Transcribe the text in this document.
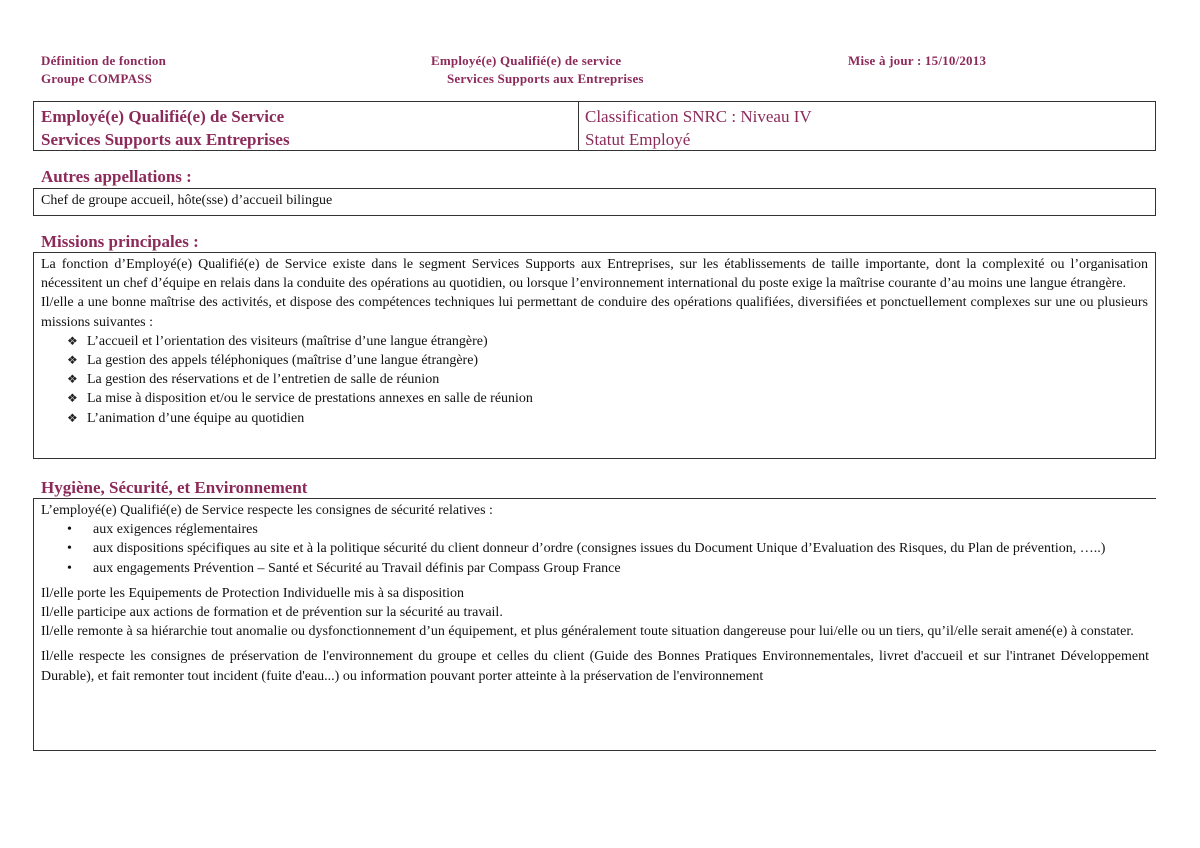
Définition de fonction
Groupe COMPASS
Employé(e) Qualifié(e) de service
Services Supports aux Entreprises
Mise à jour : 15/10/2013
Employé(e) Qualifié(e) de Service
Services Supports aux Entreprises
Classification SNRC : Niveau IV
Statut Employé
Autres appellations :
Chef de groupe accueil, hôte(sse) d’accueil bilingue
Missions principales :
La fonction d’Employé(e) Qualifié(e) de Service existe dans le segment Services Supports aux Entreprises, sur les établissements de taille importante, dont la complexité ou l’organisation nécessitent un chef d’équipe en relais dans la conduite des opérations au quotidien, ou lorsque l’environnement international du poste exige la maîtrise courante d’au moins une langue étrangère.
Il/elle a une bonne maîtrise des activités, et dispose des compétences techniques lui permettant de conduire des opérations qualifiées, diversifiées et ponctuellement complexes sur une ou plusieurs missions suivantes :
❖ L’accueil et l’orientation des visiteurs (maîtrise d’une langue étrangère)
❖ La gestion des appels téléphoniques (maîtrise d’une langue étrangère)
❖ La gestion des réservations et de l’entretien de salle de réunion
❖ La mise à disposition et/ou le service de prestations annexes en salle de réunion
❖ L’animation d’une équipe au quotidien
Hygiène, Sécurité, et Environnement
L’employé(e) Qualifié(e) de Service respecte les consignes de sécurité relatives :
• aux exigences réglementaires
• aux dispositions spécifiques au site et à la politique sécurité du client donneur d’ordre (consignes issues du Document Unique d’Evaluation des Risques, du Plan de prévention, …..)
• aux engagements Prévention – Santé et Sécurité au Travail définis par Compass Group France
Il/elle porte les Equipements de Protection Individuelle mis à sa disposition
Il/elle participe aux actions de formation et de prévention sur la sécurité au travail.
Il/elle remonte à sa hiérarchie tout anomalie ou dysfonctionnement d’un équipement, et plus généralement toute situation dangereuse pour lui/elle ou un tiers, qu’il/elle serait amené(e) à constater.
Il/elle respecte les consignes de préservation de l'environnement du groupe et celles du client (Guide des Bonnes Pratiques Environnementales, livret d'accueil et sur l'intranet Développement Durable), et fait remonter tout incident (fuite d'eau...) ou information pouvant porter atteinte à la préservation de l'environnement
